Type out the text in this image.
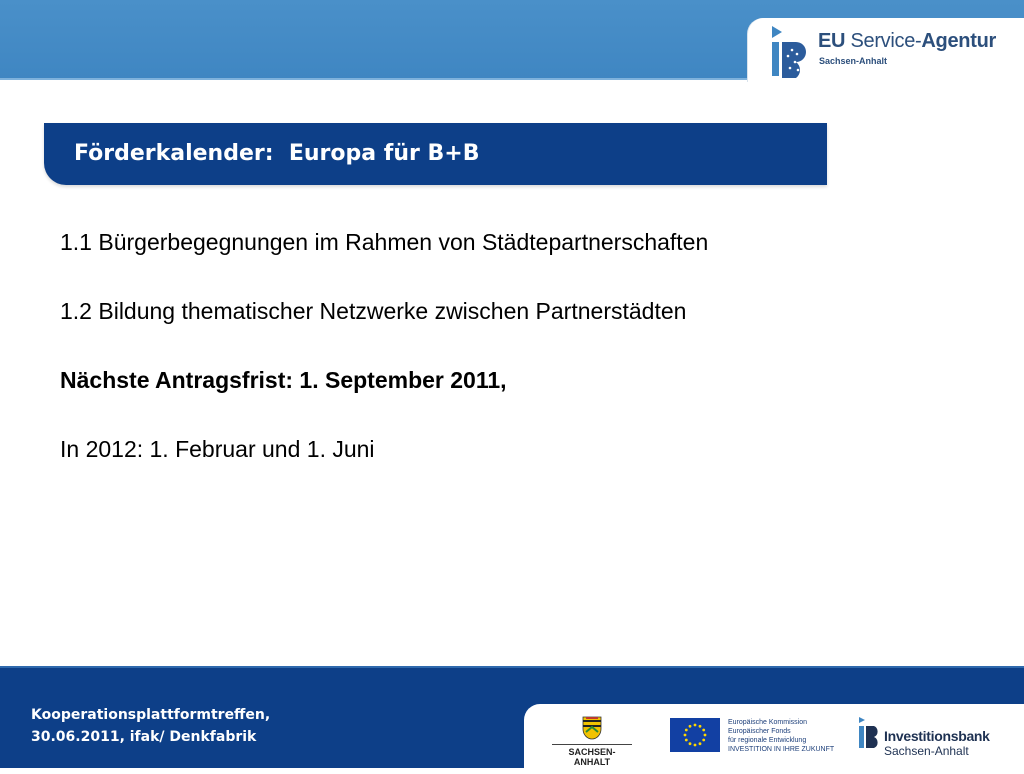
EU Service-Agentur
Sachsen-Anhalt
Förderkalender:  Europa für B+B

1.1 Bürgerbegegnungen im Rahmen von Städtepartnerschaften

1.2 Bildung thematischer Netzwerke zwischen Partnerstädten

Nächste Antragsfrist: 1. September 2011,

In 2012: 1. Februar und 1. Juni

Kooperationsplattformtreffen,
30.06.2011, ifak/ Denkfabrik
SACHSEN-ANHALT
Europäische Kommission
Europäischer Fonds
für regionale Entwicklung
INVESTITION IN IHRE ZUKUNFT
Investitionsbank
Sachsen-Anhalt
